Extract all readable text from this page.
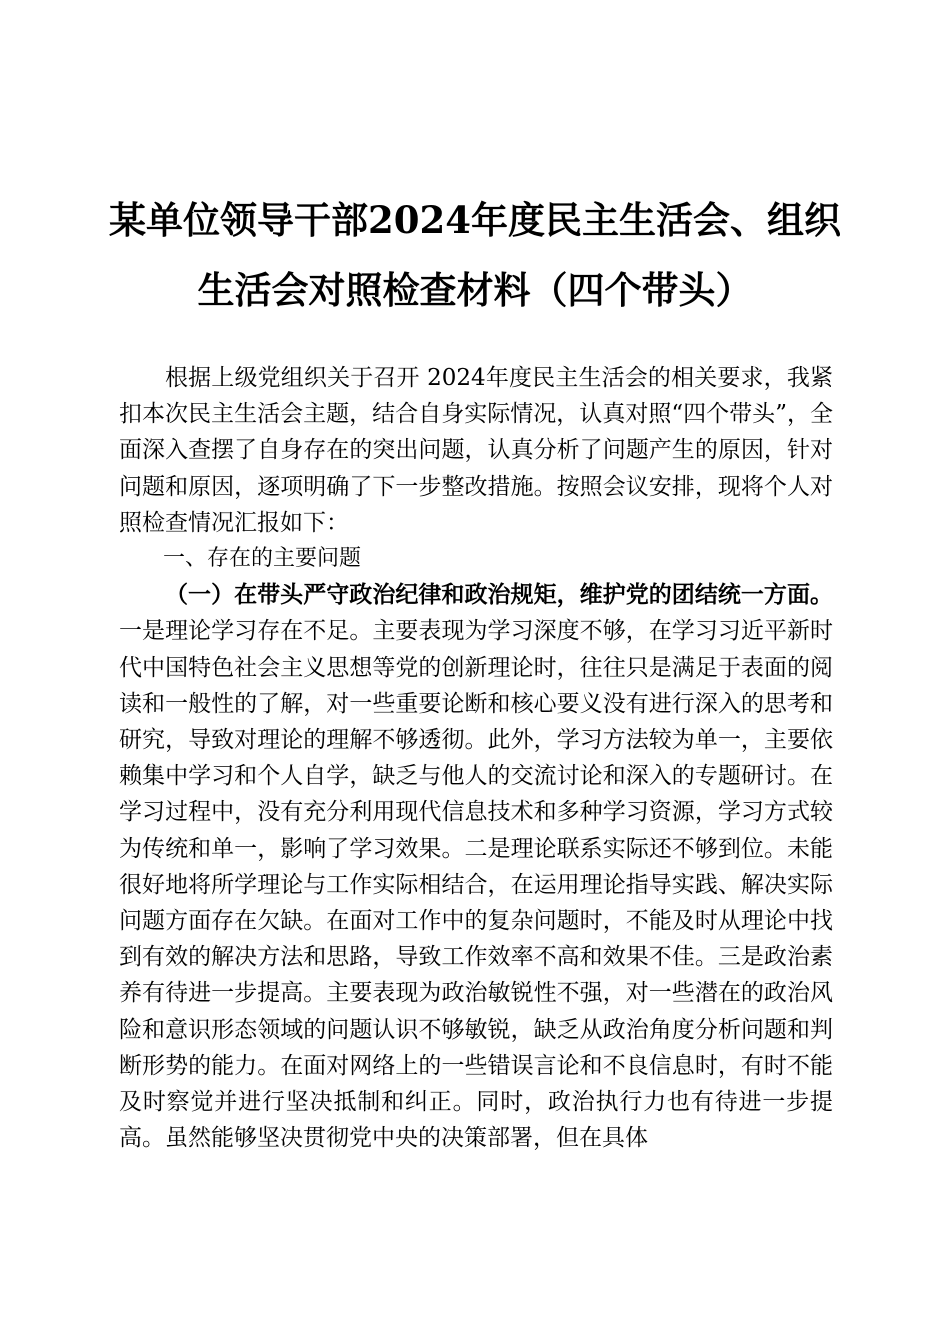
某单位领导干部2024年度民主生活会、组织
生活会对照检查材料（四个带头）

根据上级党组织关于召开 2024年度民主生活会的相关要求，我紧扣本次民主生活会主题，结合自身实际情况，认真对照“四个带头”，全面深入查摆了自身存在的突出问题，认真分析了问题产生的原因，针对问题和原因，逐项明确了下一步整改措施。按照会议安排，现将个人对照检查情况汇报如下：

一、存在的主要问题

（一）在带头严守政治纪律和政治规矩，维护党的团结统一方面。一是理论学习存在不足。主要表现为学习深度不够，在学习习近平新时代中国特色社会主义思想等党的创新理论时，往往只是满足于表面的阅读和一般性的了解，对一些重要论断和核心要义没有进行深入的思考和研究，导致对理论的理解不够透彻。此外，学习方法较为单一，主要依赖集中学习和个人自学，缺乏与他人的交流讨论和深入的专题研讨。在学习过程中，没有充分利用现代信息技术和多种学习资源，学习方式较为传统和单一，影响了学习效果。二是理论联系实际还不够到位。未能很好地将所学理论与工作实际相结合，在运用理论指导实践、解决实际问题方面存在欠缺。在面对工作中的复杂问题时，不能及时从理论中找到有效的解决方法和思路，导致工作效率不高和效果不佳。三是政治素养有待进一步提高。主要表现为政治敏锐性不强，对一些潜在的政治风险和意识形态领域的问题认识不够敏锐，缺乏从政治角度分析问题和判断形势的能力。在面对网络上的一些错误言论和不良信息时，有时不能及时察觉并进行坚决抵制和纠正。同时，政治执行力也有待进一步提高。虽然能够坚决贯彻党中央的决策部署，但在具体
